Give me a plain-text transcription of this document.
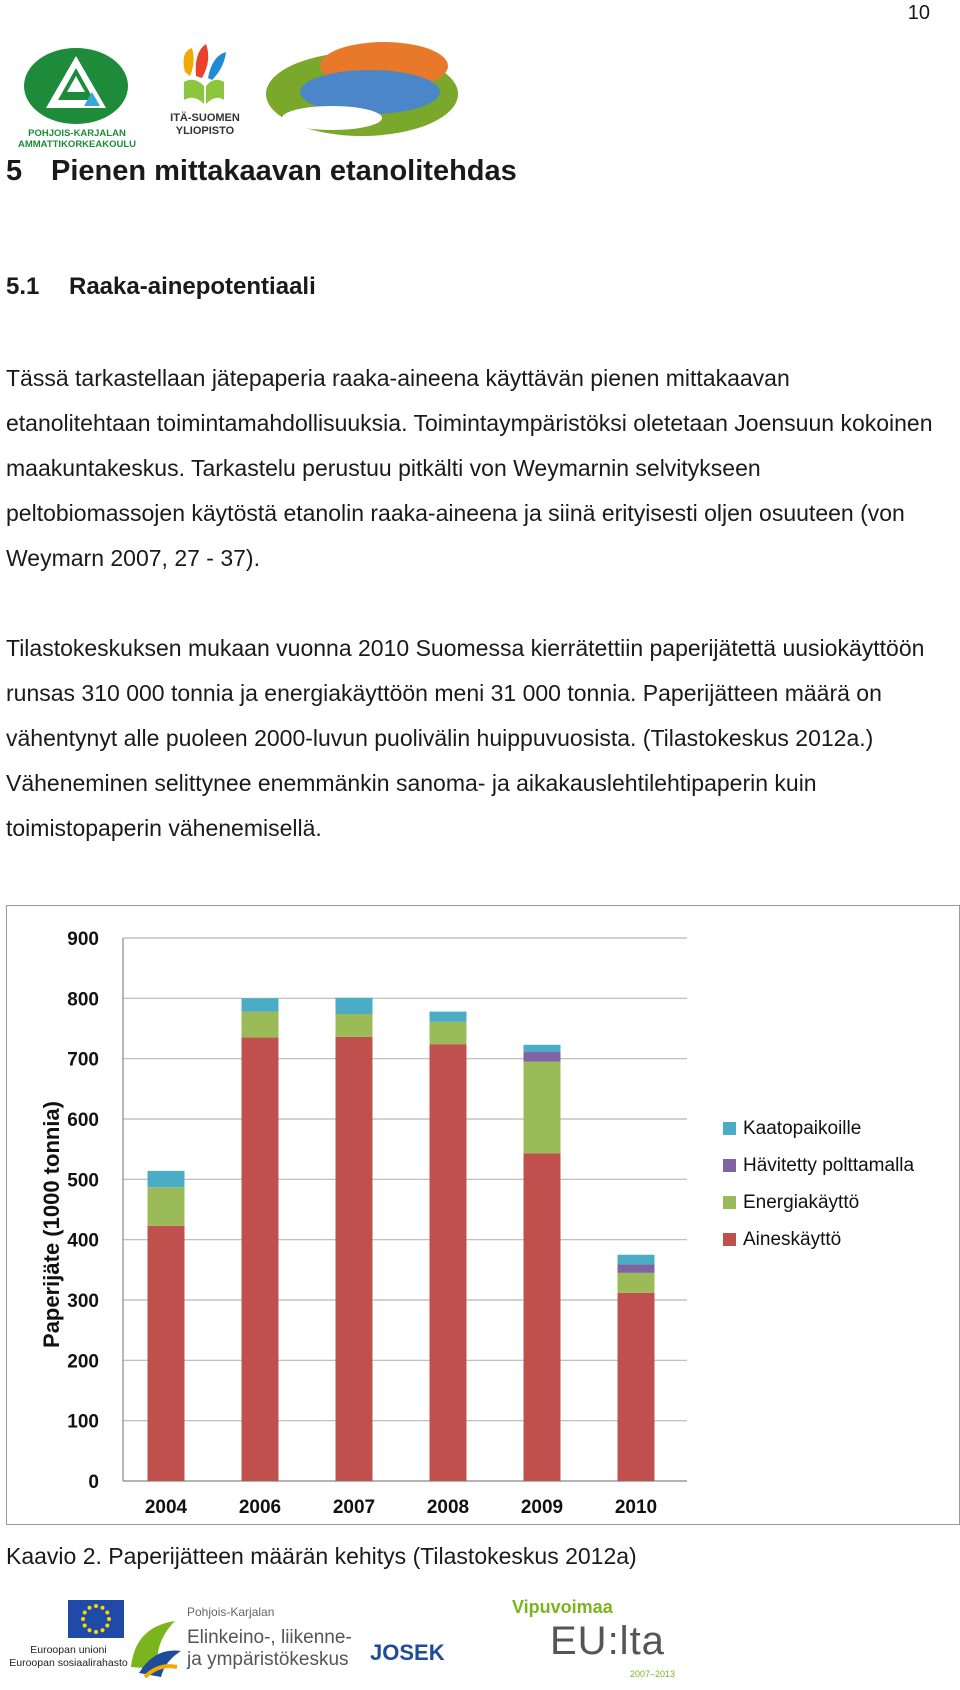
10
POHJOIS-KARJALAN
AMMATTIKORKEAKOULU
ITÄ-SUOMEN
YLIOPISTO
5 Pienen mittakaavan etanolitehdas
5.1 Raaka-ainepotentiaali

Tässä tarkastellaan jätepaperia raaka-aineena käyttävän pienen mittakaavan etanolitehtaan toimintamahdollisuuksia. Toimintaympäristöksi oletetaan Joensuun kokoinen maakuntakeskus. Tarkastelu perustuu pitkälti von Weymarnin selvitykseen peltobiomassojen käytöstä etanolin raaka-aineena ja siinä erityisesti oljen osuuteen (von Weymarn 2007, 27 - 37).

Tilastokeskuksen mukaan vuonna 2010 Suomessa kierrätettiin paperijätettä uusiokäyttöön runsas 310 000 tonnia ja energiakäyttöön meni 31 000 tonnia. Paperijätteen määrä on vähentynyt alle puoleen 2000-luvun puolivälin huippuvuosista. (Tilastokeskus 2012a.) Väheneminen selittynee enemmänkin sanoma- ja aikakauslehtilehtipaperin kuin toimistopaperin vähenemisellä.

0
100
200
300
400
500
600
700
800
900
Paperijäte (1000 tonnia)
2004	2006	2007	2008	2009	2010
Kaatopaikoille
Hävitetty polttamalla
Energiakäyttö
Aineskäyttö

Kaavio 2. Paperijätteen määrän kehitys (Tilastokeskus 2012a)

Euroopan unioni
Euroopan sosiaalirahasto
Pohjois-Karjalan
Elinkeino-, liikenne- ja ympäristökeskus JOSEK
Vipuvoimaa
EU:lta
2007–2013
